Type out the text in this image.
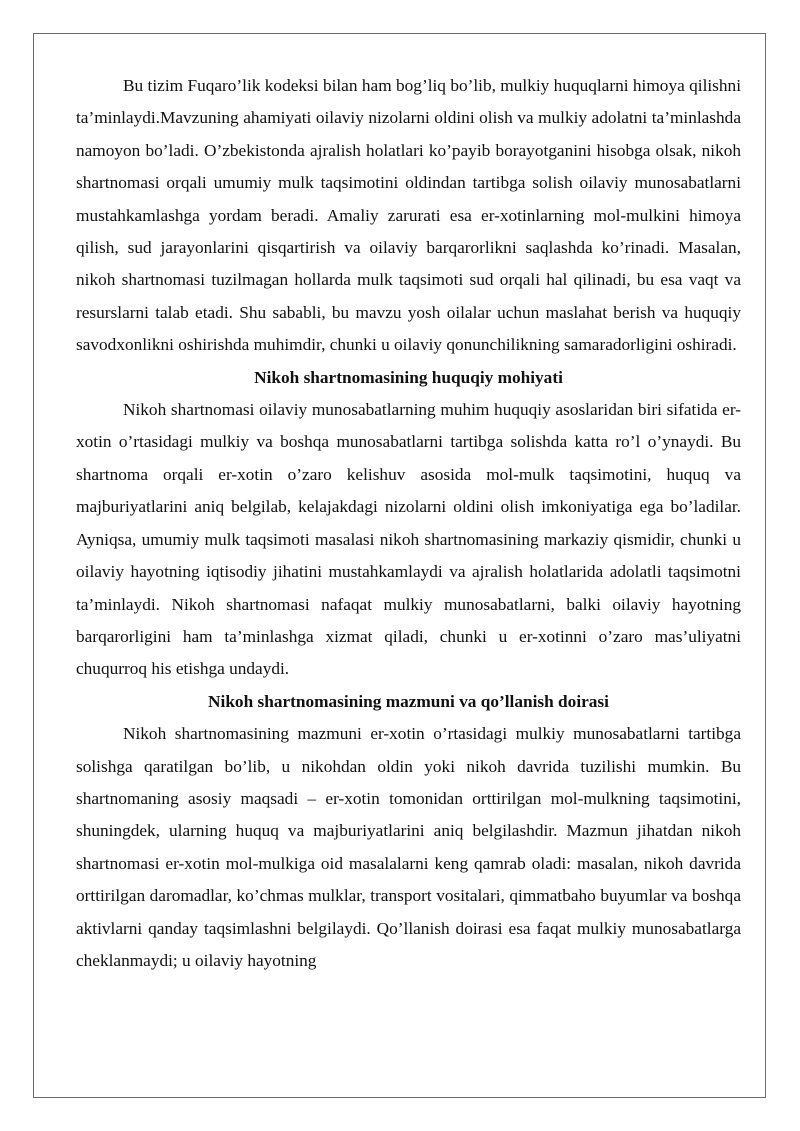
Bu tizim Fuqaro’lik kodeksi bilan ham bog’liq bo’lib, mulkiy huquqlarni himoya qilishni ta’minlaydi.Mavzuning ahamiyati oilaviy nizolarni oldini olish va mulkiy adolatni ta’minlashda namoyon bo’ladi. O’zbekistonda ajralish holatlari ko’payib borayotganini hisobga olsak, nikoh shartnomasi orqali umumiy mulk taqsimotini oldindan tartibga solish oilaviy munosabatlarni mustahkamlashga yordam beradi. Amaliy zarurati esa er-xotinlarning mol-mulkini himoya qilish, sud jarayonlarini qisqartirish va oilaviy barqarorlikni saqlashda ko’rinadi. Masalan, nikoh shartnomasi tuzilmagan hollarda mulk taqsimoti sud orqali hal qilinadi, bu esa vaqt va resurslarni talab etadi. Shu sababli, bu mavzu yosh oilalar uchun maslahat berish va huquqiy savodxonlikni oshirishda muhimdir, chunki u oilaviy qonunchilikning samaradorligini oshiradi.

Nikoh shartnomasining huquqiy mohiyati

Nikoh shartnomasi oilaviy munosabatlarning muhim huquqiy asoslaridan biri sifatida er-xotin o’rtasidagi mulkiy va boshqa munosabatlarni tartibga solishda katta ro’l o’ynaydi. Bu shartnoma orqali er-xotin o’zaro kelishuv asosida mol-mulk taqsimotini, huquq va majburiyatlarini aniq belgilab, kelajakdagi nizolarni oldini olish imkoniyatiga ega bo’ladilar. Ayniqsa, umumiy mulk taqsimoti masalasi nikoh shartnomasining markaziy qismidir, chunki u oilaviy hayotning iqtisodiy jihatini mustahkamlaydi va ajralish holatlarida adolatli taqsimotni ta’minlaydi. Nikoh shartnomasi nafaqat mulkiy munosabatlarni, balki oilaviy hayotning barqarorligini ham ta’minlashga xizmat qiladi, chunki u er-xotinni o’zaro mas’uliyatni chuqurroq his etishga undaydi.

Nikoh shartnomasining mazmuni va qo’llanish doirasi

Nikoh shartnomasining mazmuni er-xotin o’rtasidagi mulkiy munosabatlarni tartibga solishga qaratilgan bo’lib, u nikohdan oldin yoki nikoh davrida tuzilishi mumkin. Bu shartnomaning asosiy maqsadi – er-xotin tomonidan orttirilgan mol-mulkning taqsimotini, shuningdek, ularning huquq va majburiyatlarini aniq belgilashdir. Mazmun jihatdan nikoh shartnomasi er-xotin mol-mulkiga oid masalalarni keng qamrab oladi: masalan, nikoh davrida orttirilgan daromadlar, ko’chmas mulklar, transport vositalari, qimmatbaho buyumlar va boshqa aktivlarni qanday taqsimlashni belgilaydi. Qo’llanish doirasi esa faqat mulkiy munosabatlarga cheklanmaydi; u oilaviy hayotning
